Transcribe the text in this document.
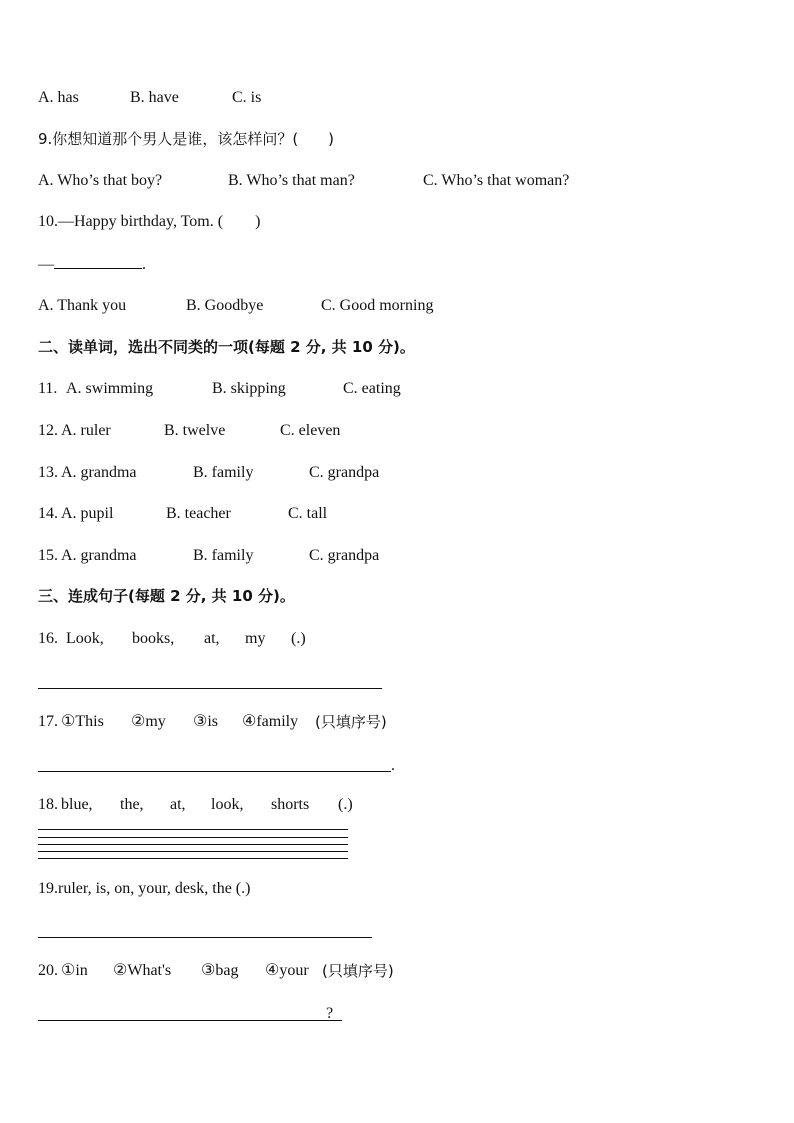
A. has	B. have	C. is
9.你想知道那个男人是谁，该怎样问？(　　)
A. Who’s that boy?	B. Who’s that man?	C. Who’s that woman?
10.—Happy birthday, Tom. (　　)
—	.
A. Thank you	B. Goodbye	C. Good morning
二、读单词，选出不同类的一项(每题 2 分, 共 10 分)。
11. A. swimming	B. skipping	C. eating
12. A. ruler	B. twelve	C. eleven
13. A. grandma	B. family	C. grandpa
14. A. pupil	B. teacher	C. tall
15. A. grandma	B. family	C. grandpa
三、连成句子(每题 2 分, 共 10 分)。
16. Look, books, at, my (.)
17. ①This ②my ③is ④family (只填序号)
.
18. blue, the, at, look, shorts (.)
19.ruler, is, on, your, desk, the (.)
20. ①in ②What's ③bag ④your (只填序号)
?
